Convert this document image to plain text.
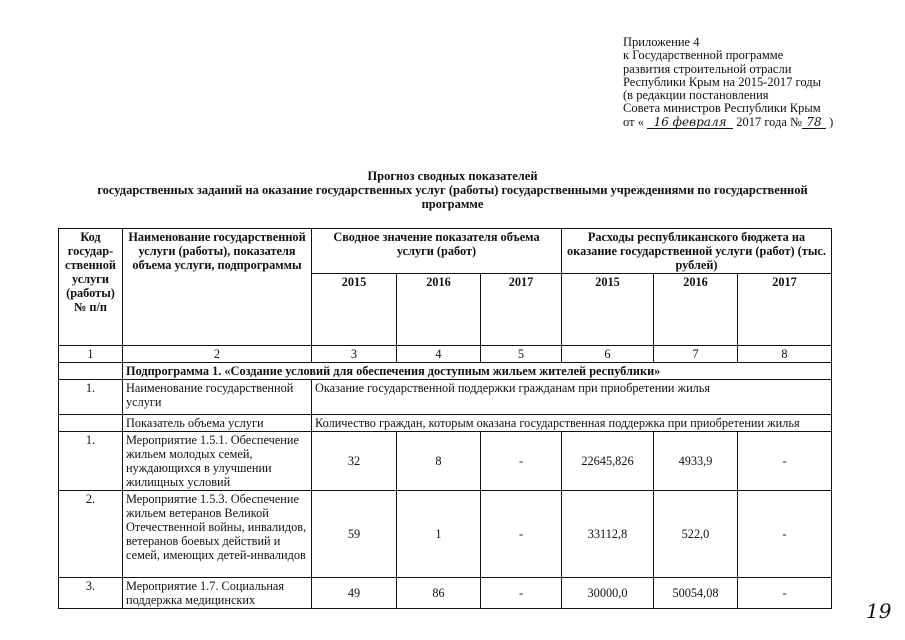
Приложение 4
к Государственной программе
развития строительной отрасли
Республики Крым на 2015-2017 годы
(в редакции постановления
Совета министров Республики Крым
от « 16 февраля 2017 года № 78 )
Прогноз сводных показателей
государственных заданий на оказание государственных услуг (работы) государственными учреждениями по государственной
программе
Код государ-ственной услуги (работы) № п/п	Наименование государственной услуги (работы), показателя объема услуги, подпрограммы	Сводное значение показателя объема услуги (работ)			Расходы республиканского бюджета на оказание государственной услуги (работ) (тыс. рублей)		
		2015	2016	2017	2015	2016	2017
1	2	3	4	5	6	7	8
	Подпрограмма 1. «Создание условий для обеспечения доступным жильем жителей республики»						
1.	Наименование государственной услуги	Оказание государственной поддержки гражданам при приобретении жилья					
	Показатель объема услуги	Количество граждан, которым оказана государственная поддержка при приобретении жилья					
1.	Мероприятие 1.5.1. Обеспечение жильем молодых семей, нуждающихся в улучшении жилищных условий	32	8	-	22645,826	4933,9	-
2.	Мероприятие 1.5.3. Обеспечение жильем ветеранов Великой Отечественной войны, инвалидов, ветеранов боевых действий и семей, имеющих детей-инвалидов	59	1	-	33112,8	522,0	-
3.	Мероприятие 1.7. Социальная поддержка медицинских	49	86	-	30000,0	50054,08	-
19
